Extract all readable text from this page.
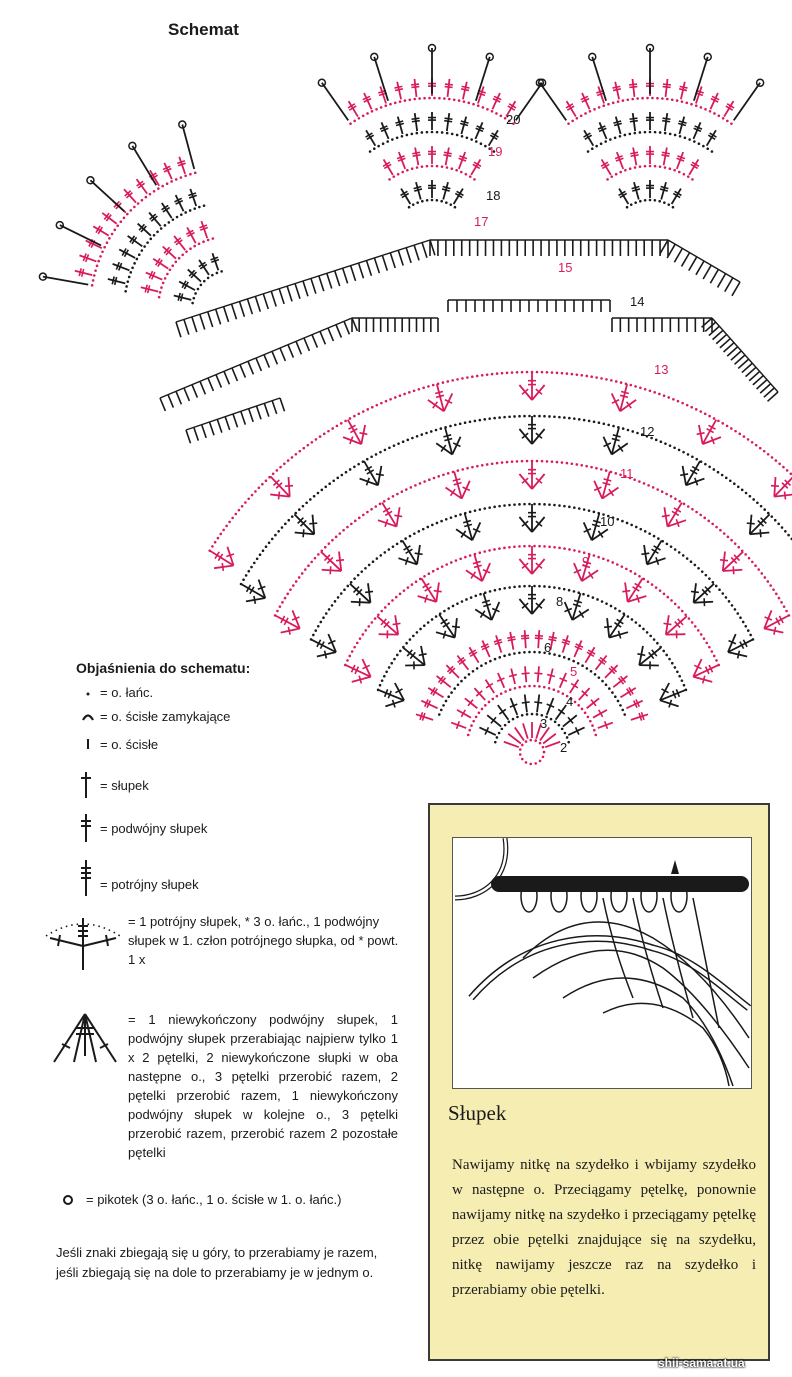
Schemat
2
3
4
5
6
8
9
10
11
12
13
14
15
17
18
19
20
Objaśnienia do schematu:
= o. łańc.
= o. ścisłe zamykające
= o. ścisłe
= słupek
= podwójny słupek
= potrójny słupek
= 1 potrójny słupek, * 3 o. łańc., 1 podwójny słupek w 1. człon potrójnego słupka, od * powt. 1 x
= 1 niewykończony podwójny słupek, 1 podwójny słupek przerabiając najpierw tylko 1 x 2 pętelki, 2 niewykończone słupki w oba następne o., 3 pętelki przerobić razem, 2 pętelki przerobić razem, 1 niewykończony podwójny słupek w kolejne o., 3 pętelki przerobić razem, przerobić razem 2 pozostałe pętelki
= pikotek (3 o. łańc., 1 o. ścisłe w 1. o. łańc.)
Jeśli znaki zbiegają się u góry, to przerabiamy je razem, jeśli zbiegają się na dole to przerabiamy je w jednym o.
Słupek
Nawijamy nitkę na szydełko i wbijamy szydełko w następne o. Przeciągamy pętelkę, ponownie nawijamy nitkę na szydełko i przeciągamy pętelkę przez obie pętelki znajdujące się na szydełku, nitkę nawijamy jeszcze raz na szydełko i przerabiamy obie pętelki.
shii-sama.at.ua
